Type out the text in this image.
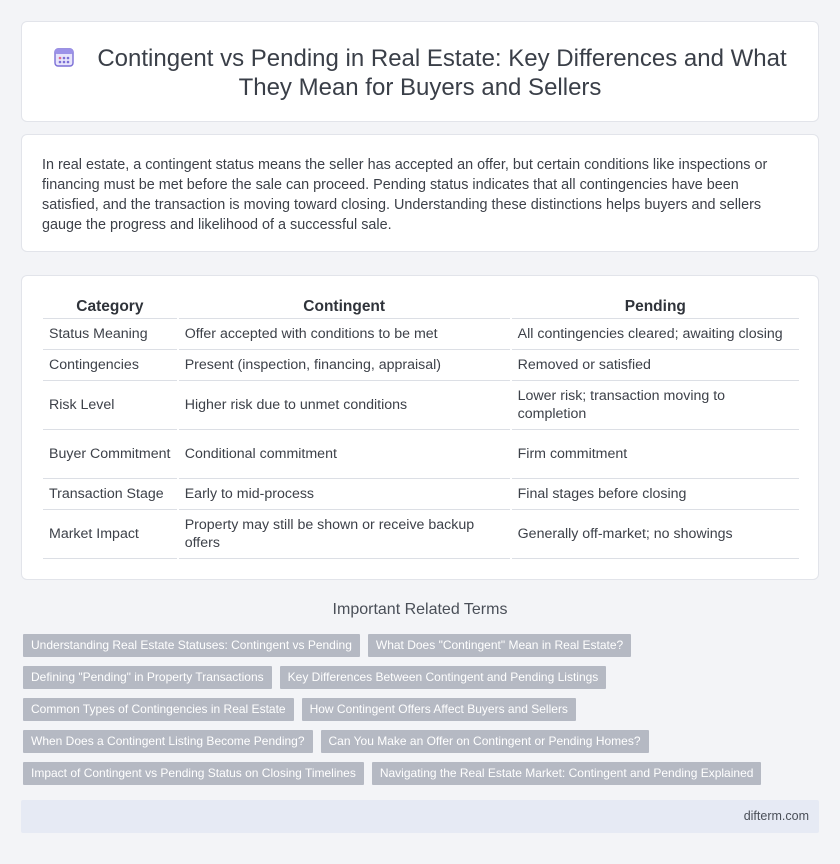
Contingent vs Pending in Real Estate: Key Differences and What They Mean for Buyers and Sellers

In real estate, a contingent status means the seller has accepted an offer, but certain conditions like inspections or financing must be met before the sale can proceed. Pending status indicates that all contingencies have been satisfied, and the transaction is moving toward closing. Understanding these distinctions helps buyers and sellers gauge the progress and likelihood of a successful sale.

Category	Contingent	Pending
Status Meaning	Offer accepted with conditions to be met	All contingencies cleared; awaiting closing
Contingencies	Present (inspection, financing, appraisal)	Removed or satisfied
Risk Level	Higher risk due to unmet conditions	Lower risk; transaction moving to completion
Buyer Commitment	Conditional commitment	Firm commitment
Transaction Stage	Early to mid-process	Final stages before closing
Market Impact	Property may still be shown or receive backup offers	Generally off-market; no showings
Important Related Terms
Understanding Real Estate Statuses: Contingent vs Pending	What Does "Contingent" Mean in Real Estate?
Defining "Pending" in Property Transactions	Key Differences Between Contingent and Pending Listings
Common Types of Contingencies in Real Estate	How Contingent Offers Affect Buyers and Sellers
When Does a Contingent Listing Become Pending?	Can You Make an Offer on Contingent or Pending Homes?
Impact of Contingent vs Pending Status on Closing Timelines	Navigating the Real Estate Market: Contingent and Pending Explained
difterm.com
